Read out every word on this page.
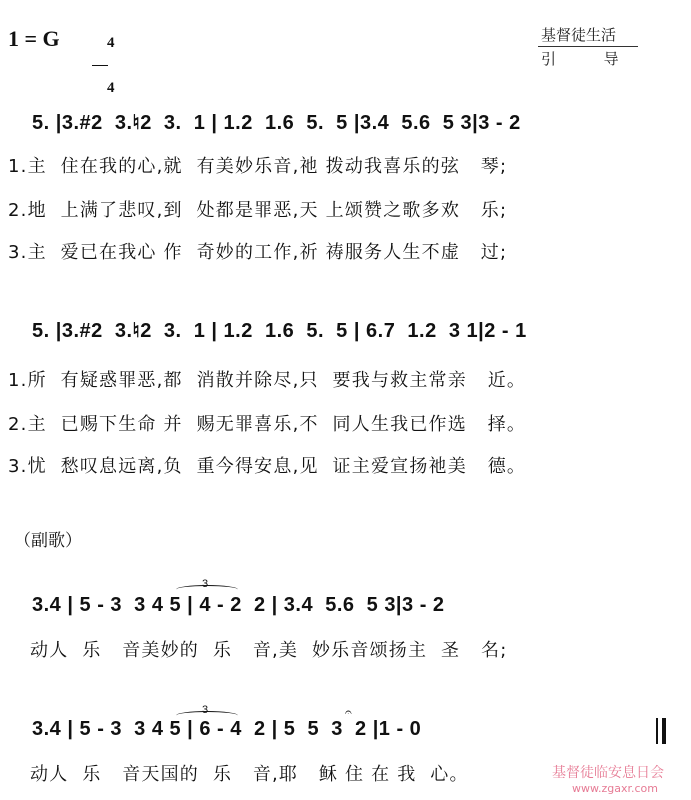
1 = G	4

4

基督徒生活
引          导
5. |3.#2  3.♮2  3.  1 | 1.2  1.6  5.  5 |3.4  5.6  5 3|3 - 2
1.主  住在我的心,就  有美妙乐音,祂 拨动我喜乐的弦   琴;
2.地  上满了悲叹,到  处都是罪恶,天 上颂赞之歌多欢   乐;
3.主  爱已在我心 作  奇妙的工作,祈 祷服务人生不虚   过;
5. |3.#2  3.♮2  3.  1 | 1.2  1.6  5.  5 | 6.7  1.2  3 1|2 - 1
1.所  有疑惑罪恶,都  消散并除尽,只  要我与救主常亲   近。
2.主  已赐下生命 并  赐无罪喜乐,不  同人生我已作选   择。
3.忧  愁叹息远离,负  重今得安息,见  证主爱宣扬祂美   德。
（副歌）
3
3.4 | 5 - 3  3 4 5 | 4 - 2  2 | 3.4  5.6  5 3|3 - 2
动人  乐   音美妙的  乐   音,美  妙乐音颂扬主  圣   名;
3	𝄐
3.4 | 5 - 3  3 4 5 | 6 - 4  2 | 5  5  3  2 |1 - 0
动人  乐   音天国的  乐   音,耶   稣 住 在 我  心。	基督徒临安息日会
www.zgaxr.com
